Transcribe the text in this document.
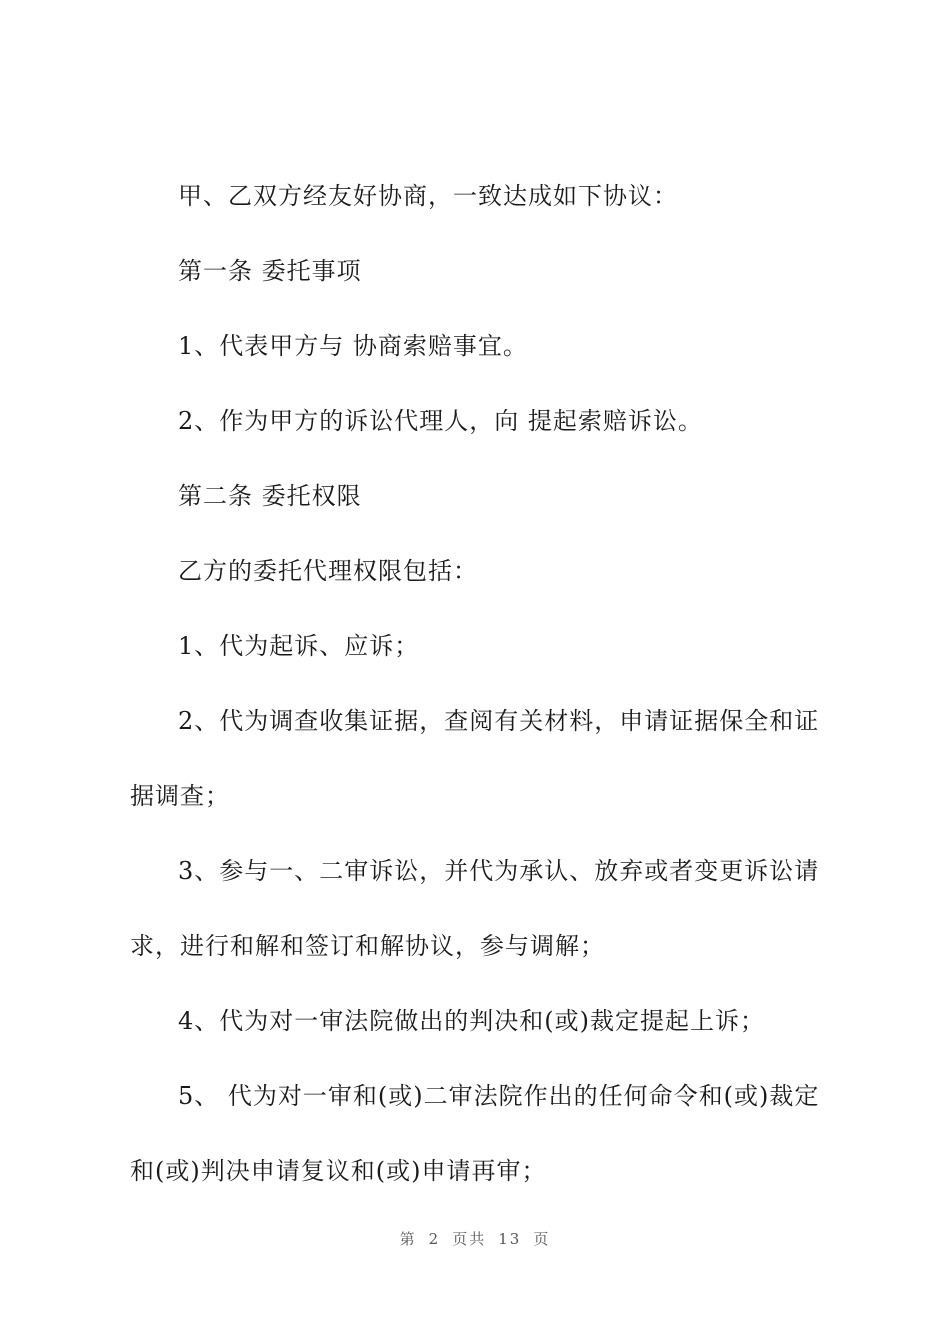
甲、乙双方经友好协商，一致达成如下协议：

第一条 委托事项

1、代表甲方与 协商索赔事宜。

2、作为甲方的诉讼代理人，向 提起索赔诉讼。

第二条 委托权限

乙方的委托代理权限包括：

1、代为起诉、应诉；

2、代为调查收集证据，查阅有关材料，申请证据保全和证
据调查；

3、参与一、二审诉讼，并代为承认、放弃或者变更诉讼请
求，进行和解和签订和解协议，参与调解；

4、代为对一审法院做出的判决和(或)裁定提起上诉；

5、 代为对一审和(或)二审法院作出的任何命令和(或)裁定
和(或)判决申请复议和(或)申请再审；

第 2 页共 13 页
